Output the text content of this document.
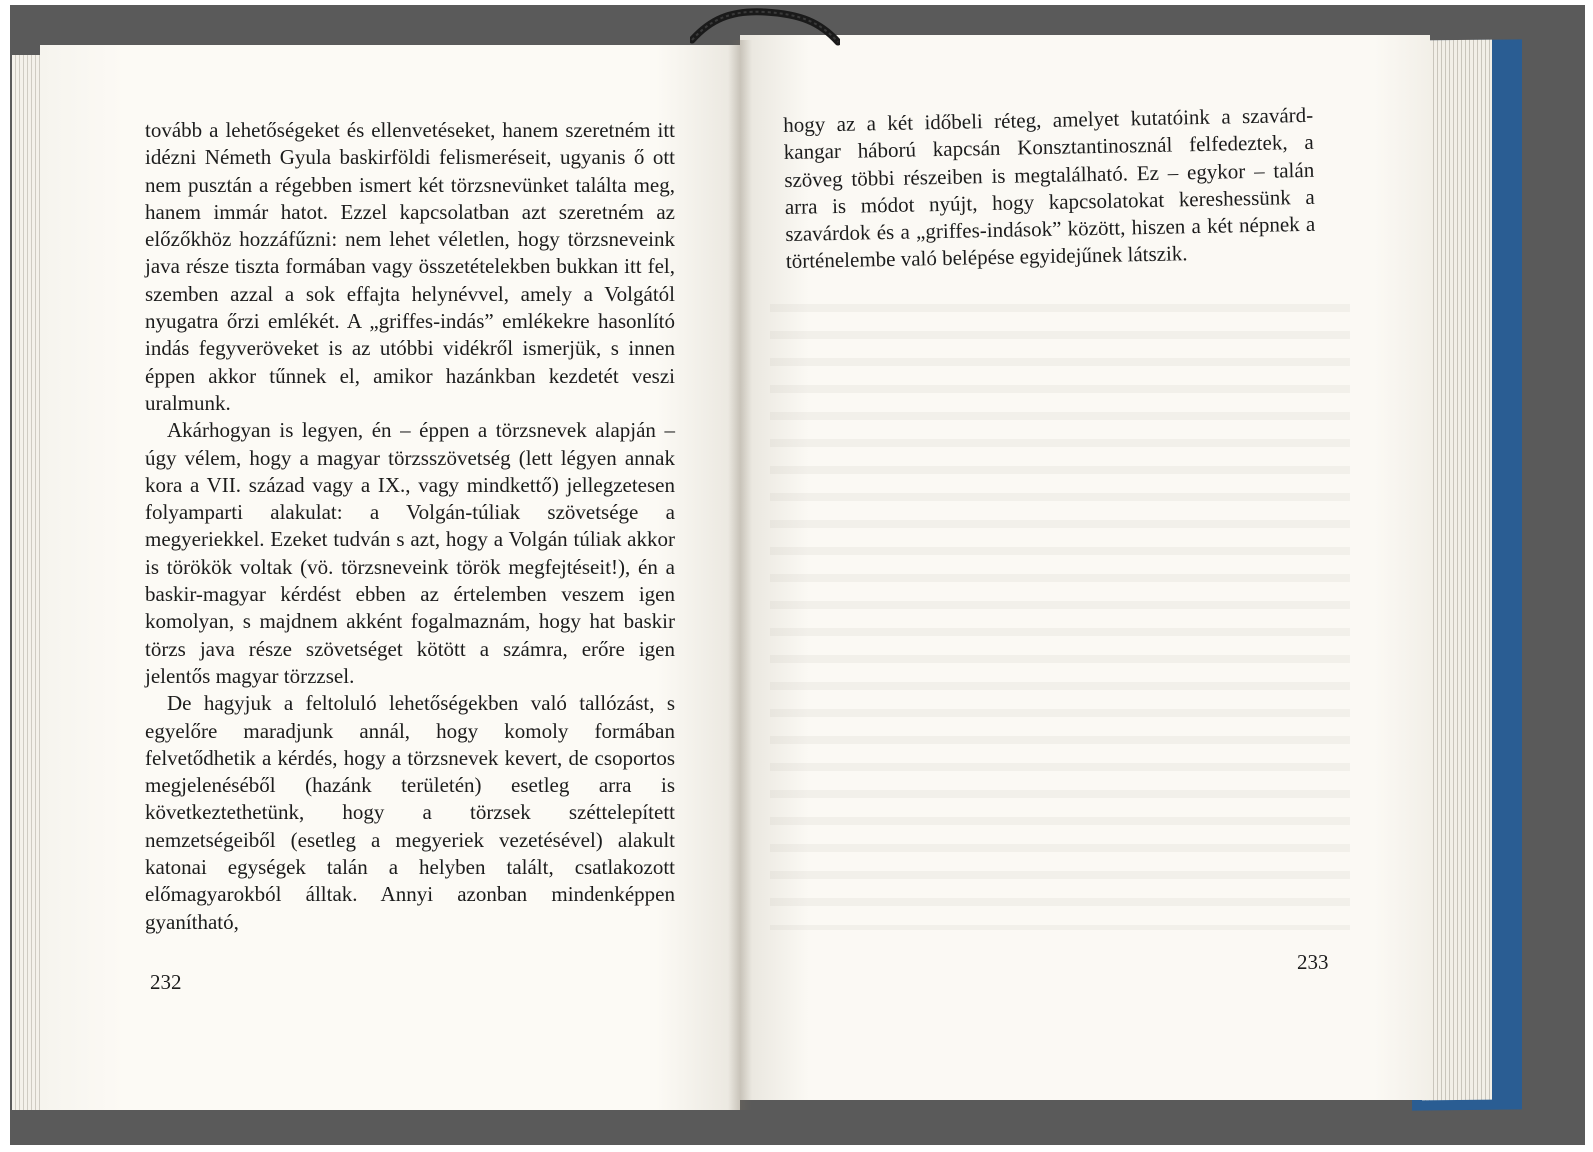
tovább a lehetőségeket és ellenvetéseket, hanem szeretném itt idézni Németh Gyula baskirföldi felismeréseit, ugyanis ő ott nem pusztán a régebben ismert két törzsnevünket találta meg, hanem immár hatot. Ezzel kapcsolatban azt szeretném az előzőkhöz hozzáfűzni: nem lehet véletlen, hogy törzsneveink java része tiszta formában vagy összetételekben bukkan itt fel, szemben azzal a sok effajta helynévvel, amely a Volgától nyugatra őrzi emlékét. A „griffes-indás” emlékekre hasonlító indás fegyveröveket is az utóbbi vidékről ismerjük, s innen éppen akkor tűnnek el, amikor hazánkban kezdetét veszi uralmunk.

Akárhogyan is legyen, én – éppen a törzsnevek alapján – úgy vélem, hogy a magyar törzsszövetség (lett légyen annak kora a VII. század vagy a IX., vagy mindkettő) jellegzetesen folyamparti alakulat: a Volgán-túliak szövetsége a megyeriekkel. Ezeket tudván s azt, hogy a Volgán túliak akkor is törökök voltak (vö. törzsneveink török megfejtéseit!), én a baskir-magyar kérdést ebben az értelemben veszem igen komolyan, s majdnem akként fogalmaznám, hogy hat baskir törzs java része szövetséget kötött a számra, erőre igen jelentős magyar törzzsel.

De hagyjuk a feltoluló lehetőségekben való tallózást, s egyelőre maradjunk annál, hogy komoly formában felvetődhetik a kérdés, hogy a törzsnevek kevert, de csoportos megjelenéséből (hazánk területén) esetleg arra is következtethetünk, hogy a törzsek széttelepített nemzetségeiből (esetleg a megyeriek vezetésével) alakult katonai egységek talán a helyben talált, csatlakozott előmagyarokból álltak. Annyi azonban mindenképpen gyanítható,

hogy az a két időbeli réteg, amelyet kutatóink a szavárd-kangar háború kapcsán Konsztantinosznál felfedeztek, a szöveg többi részeiben is megtalálható. Ez – egykor – talán arra is módot nyújt, hogy kapcsolatokat kereshessünk a szavárdok és a „griffes-indások” között, hiszen a két népnek a történelembe való belépése egyidejűnek látszik.

232
233
